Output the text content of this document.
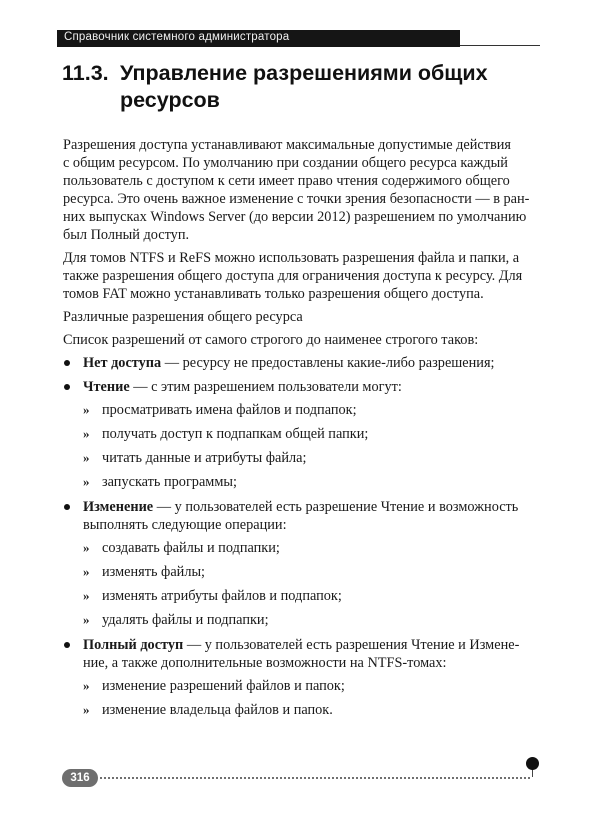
Справочник системного администратора
11.3. Управление разрешениями общих
ресурсов
Разрешения доступа устанавливают максимальные допустимые действия
с общим ресурсом. По умолчанию при создании общего ресурса каждый
пользователь с доступом к сети имеет право чтения содержимого общего
ресурса. Это очень важное изменение с точки зрения безопасности — в ран-
них выпусках Windows Server (до версии 2012) разрешением по умолчанию
был Полный доступ.
Для томов NTFS и ReFS можно использовать разрешения файла и папки, а
также разрешения общего доступа для ограничения доступа к ресурсу. Для
томов FAT можно устанавливать только разрешения общего доступа.
Различные разрешения общего ресурса
Список разрешений от самого строгого до наименее строгого таков:
Нет доступа — ресурсу не предоставлены какие-либо разрешения;
Чтение — с этим разрешением пользователи могут:
» просматривать имена файлов и подпапок;
» получать доступ к подпапкам общей папки;
» читать данные и атрибуты файла;
» запускать программы;
Изменение — у пользователей есть разрешение Чтение и возможность
выполнять следующие операции:
» создавать файлы и подпапки;
» изменять файлы;
» изменять атрибуты файлов и подпапок;
» удалять файлы и подпапки;
Полный доступ — у пользователей есть разрешения Чтение и Измене-
ние, а также дополнительные возможности на NTFS-томах:
» изменение разрешений файлов и папок;
» изменение владельца файлов и папок.
316
